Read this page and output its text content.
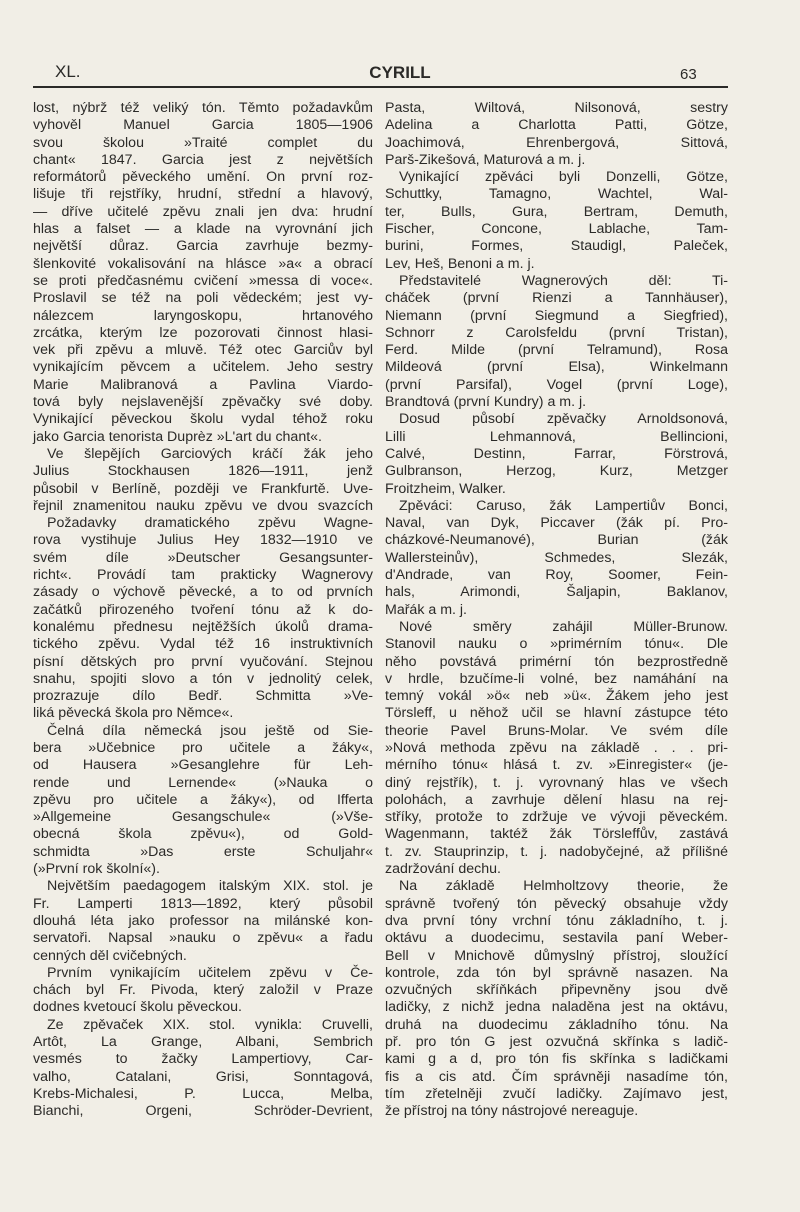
XL.	CYRILL	63
lost, nýbrž též veliký tón. Těmto požadavkům
vyhověl Manuel Garcia 1805—1906
svou školou »Traité complet du
chant« 1847. Garcia jest z největších
reformátorů pěveckého umění. On první roz-
lišuje tři rejstříky, hrudní, střední a hlavový,
— dříve učitelé zpěvu znali jen dva: hrudní
hlas a falset — a klade na vyrovnání jich
největší důraz. Garcia zavrhuje bezmy-
šlenkovité vokalisování na hlásce »a« a obrací
se proti předčasnému cvičení »messa di voce«.
Proslavil se též na poli vědeckém; jest vy-
nálezcem laryngoskopu, hrtanového
zrcátka, kterým lze pozorovati činnost hlasi-
vek při zpěvu a mluvě. Též otec Garciův byl
vynikajícím pěvcem a učitelem. Jeho sestry
Marie Malibranová a Pavlina Viardo-
tová byly nejslavenější zpěvačky své doby.
Vynikající pěveckou školu vydal téhož roku
jako Garcia tenorista Duprèz »L'art du chant«.
Ve šlepějích Garciových kráčí žák jeho
Julius Stockhausen 1826—1911, jenž
působil v Berlíně, později ve Frankfurtě. Uve-
řejnil znamenitou nauku zpěvu ve dvou svazcích
Požadavky dramatického zpěvu Wagne-
rova vystihuje Julius Hey 1832—1910 ve
svém díle »Deutscher Gesangsunter-
richt«. Provádí tam prakticky Wagnerovy
zásady o výchově pěvecké, a to od prvních
začátků přirozeného tvoření tónu až k do-
konalému přednesu nejtěžších úkolů drama-
tického zpěvu. Vydal též 16 instruktivních
písní dětských pro první vyučování. Stejnou
snahu, spojiti slovo a tón v jednolitý celek,
prozrazuje dílo Bedř. Schmitta »Ve-
liká pěvecká škola pro Němce«.
Čelná díla německá jsou ještě od Sie-
bera »Učebnice pro učitele a žáky«,
od Hausera »Gesanglehre für Leh-
rende und Lernende« (»Nauka o
zpěvu pro učitele a žáky«), od Ifferta
»Allgemeine Gesangschule« (»Vše-
obecná škola zpěvu«), od Gold-
schmidta »Das erste Schuljahr«
(»První rok školní«).
Největším paedagogem italským XIX. stol. je
Fr. Lamperti 1813—1892, který působil
dlouhá léta jako professor na milánské kon-
servatoři. Napsal »nauku o zpěvu« a řadu
cenných děl cvičebných.
Prvním vynikajícím učitelem zpěvu v Če-
chách byl Fr. Pivoda, který založil v Praze
dodnes kvetoucí školu pěveckou.
Ze zpěvaček XIX. stol. vynikla: Cruvelli,
Artôt, La Grange, Albani, Sembrich
vesmés to žačky Lampertiovy, Car-
valho, Catalani, Grisi, Sonntagová,
Krebs-Michalesi, P. Lucca, Melba,
Bianchi, Orgeni, Schröder-Devrient,
Pasta, Wiltová, Nilsonová, sestry
Adelina a Charlotta Patti, Götze,
Joachimová, Ehrenbergová, Sittová,
Parš-Zikešová, Maturová a m. j.
Vynikající zpěváci byli Donzelli, Götze,
Schuttky, Tamagno, Wachtel, Wal-
ter, Bulls, Gura, Bertram, Demuth,
Fischer, Concone, Lablache, Tam-
burini, Formes, Staudigl, Paleček,
Lev, Heš, Benoni a m. j.
Představitelé Wagnerových děl: Ti-
cháček (první Rienzi a Tannhäuser),
Niemann (první Siegmund a Siegfried),
Schnorr z Carolsfeldu (první Tristan),
Ferd. Milde (první Telramund), Rosa
Mildeová (první Elsa), Winkelmann
(první Parsifal), Vogel (první Loge),
Brandtová (první Kundry) a m. j.
Dosud působí zpěvačky Arnoldsonová,
Lilli Lehmannová, Bellincioni,
Calvé, Destinn, Farrar, Förstrová,
Gulbranson, Herzog, Kurz, Metzger
Froitzheim, Walker.
Zpěváci: Caruso, žák Lampertiův Bonci,
Naval, van Dyk, Piccaver (žák pí. Pro-
cházkové-Neumanové), Burian (žák
Wallersteinův), Schmedes, Slezák,
d'Andrade, van Roy, Soomer, Fein-
hals, Arimondi, Šaljapin, Baklanov,
Mařák a m. j.
Nové směry zahájil Müller-Brunow.
Stanovil nauku o »primérním tónu«. Dle
něho povstává primérní tón bezprostředně
v hrdle, bzučíme-li volné, bez namáhání na
temný vokál »ö« neb »ü«. Žákem jeho jest
Törsleff, u něhož učil se hlavní zástupce této
theorie Pavel Bruns-Molar. Ve svém díle
»Nová methoda zpěvu na základě . . . pri-
mérního tónu« hlásá t. zv. »Einregister« (je-
diný rejstřík), t. j. vyrovnaný hlas ve všech
polohách, a zavrhuje dělení hlasu na rej-
stříky, protože to zdržuje ve vývoji pěveckém.
Wagenmann, taktéž žák Törsleffův, zastává
t. zv. Stauprinzip, t. j. nadobyčejné, až přílišné
zadržování dechu.
Na základě Helmholtzovy theorie, že
správně tvořený tón pěvecký obsahuje vždy
dva první tóny vrchní tónu základního, t. j.
oktávu a duodecimu, sestavila paní Weber-
Bell v Mnichově důmyslný přístroj, sloužící
kontrole, zda tón byl správně nasazen. Na
ozvučných skříňkách připevněny jsou dvě
ladičky, z nichž jedna naladěna jest na oktávu,
druhá na duodecimu základního tónu. Na
př. pro tón G jest ozvučná skřínka s ladič-
kami g a d, pro tón fis skřínka s ladičkami
fis a cis atd. Čím správněji nasadíme tón,
tím zřetelněji zvučí ladičky. Zajímavo jest,
že přístroj na tóny nástrojové nereaguje.
